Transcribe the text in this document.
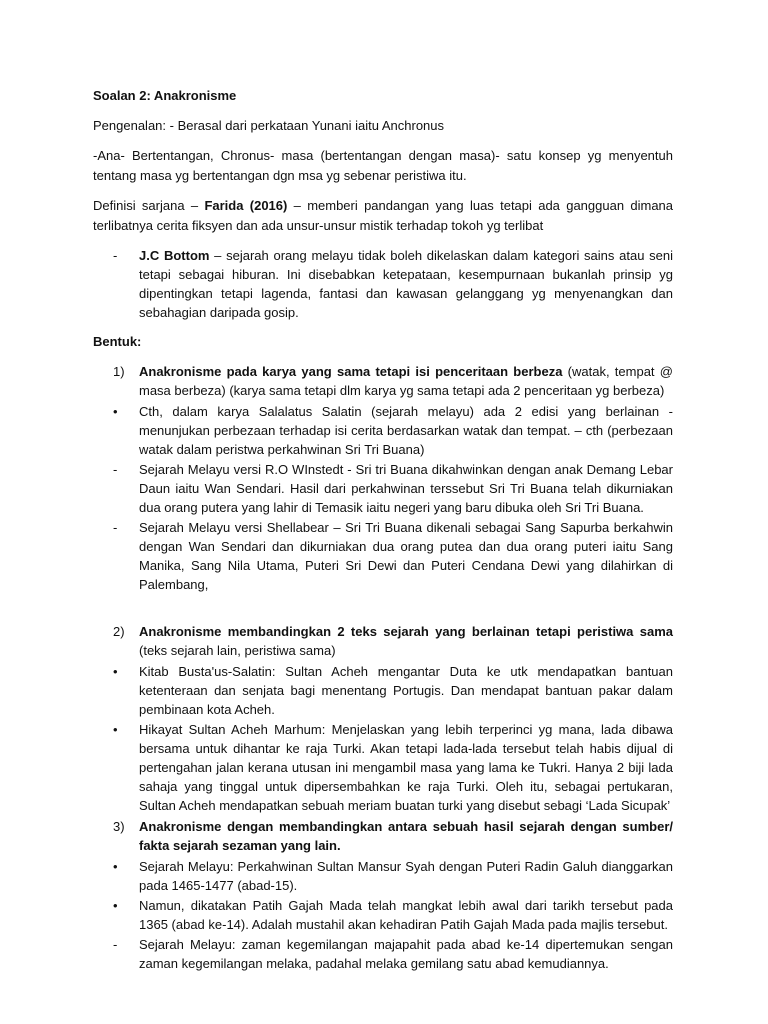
Soalan 2: Anakronisme

Pengenalan: - Berasal dari perkataan Yunani iaitu Anchronus

-Ana- Bertentangan, Chronus- masa (bertentangan dengan masa)- satu konsep yg menyentuh tentang masa yg bertentangan dgn msa yg sebenar peristiwa itu.

Definisi sarjana – Farida (2016) – memberi pandangan yang luas tetapi ada gangguan dimana terlibatnya cerita fiksyen dan ada unsur-unsur mistik terhadap tokoh yg terlibat

- J.C Bottom – sejarah orang melayu tidak boleh dikelaskan dalam kategori sains atau seni tetapi sebagai hiburan. Ini disebabkan ketepataan, kesempurnaan bukanlah prinsip yg dipentingkan tetapi lagenda, fantasi dan kawasan gelanggang yg menyenangkan dan sebahagian daripada gosip.

Bentuk:

1) Anakronisme pada karya yang sama tetapi isi penceritaan berbeza (watak, tempat @ masa berbeza) (karya sama tetapi dlm karya yg sama tetapi ada 2 penceritaan yg berbeza)
• Cth, dalam karya Salalatus Salatin (sejarah melayu) ada 2 edisi yang berlainan - menunjukan perbezaan terhadap isi cerita berdasarkan watak dan tempat. – cth (perbezaan watak dalam peristwa perkahwinan Sri Tri Buana)
- Sejarah Melayu versi R.O WInstedt - Sri tri Buana dikahwinkan dengan anak Demang Lebar Daun iaitu Wan Sendari. Hasil dari perkahwinan terssebut Sri Tri Buana telah dikurniakan dua orang putera yang lahir di Temasik iaitu negeri yang baru dibuka oleh Sri Tri Buana.
- Sejarah Melayu versi Shellabear – Sri Tri Buana dikenali sebagai Sang Sapurba berkahwin dengan Wan Sendari dan dikurniakan dua orang putea dan dua orang puteri iaitu Sang Manika, Sang Nila Utama, Puteri Sri Dewi dan Puteri Cendana Dewi yang dilahirkan di Palembang,
2) Anakronisme membandingkan 2 teks sejarah yang berlainan tetapi peristiwa sama (teks sejarah lain, peristiwa sama)
• Kitab Busta'us-Salatin: Sultan Acheh mengantar Duta ke utk mendapatkan bantuan ketenteraan dan senjata bagi menentang Portugis. Dan mendapat bantuan pakar dalam pembinaan kota Acheh.
• Hikayat Sultan Acheh Marhum: Menjelaskan yang lebih terperinci yg mana, lada dibawa bersama untuk dihantar ke raja Turki. Akan tetapi lada-lada tersebut telah habis dijual di pertengahan jalan kerana utusan ini mengambil masa yang lama ke Tukri. Hanya 2 biji lada sahaja yang tinggal untuk dipersembahkan ke raja Turki. Oleh itu, sebagai pertukaran, Sultan Acheh mendapatkan sebuah meriam buatan turki yang disebut sebagi ‘Lada Sicupak’
3) Anakronisme dengan membandingkan antara sebuah hasil sejarah dengan sumber/ fakta sejarah sezaman yang lain.
• Sejarah Melayu: Perkahwinan Sultan Mansur Syah dengan Puteri Radin Galuh dianggarkan pada 1465-1477 (abad-15).
• Namun, dikatakan Patih Gajah Mada telah mangkat lebih awal dari tarikh tersebut pada 1365 (abad ke-14). Adalah mustahil akan kehadiran Patih Gajah Mada pada majlis tersebut.
- Sejarah Melayu: zaman kegemilangan majapahit pada abad ke-14 dipertemukan sengan zaman kegemilangan melaka, padahal melaka gemilang satu abad kemudiannya.
